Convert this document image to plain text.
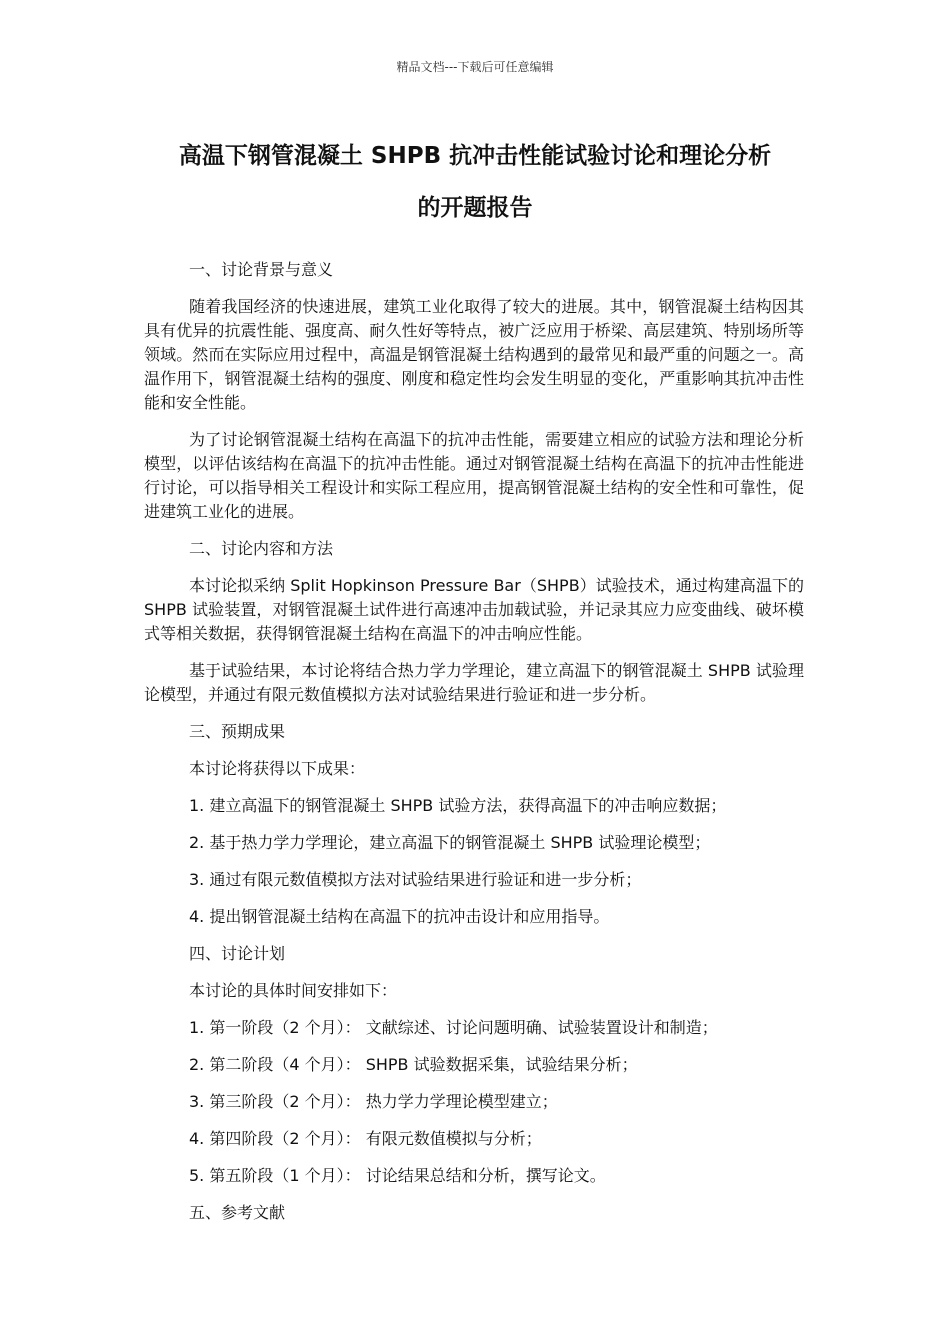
精品文档---下载后可任意编辑
高温下钢管混凝土 SHPB 抗冲击性能试验讨论和理论分析
的开题报告

一、讨论背景与意义

随着我国经济的快速进展，建筑工业化取得了较大的进展。其中，钢管混凝土结构因其具有优异的抗震性能、强度高、耐久性好等特点，被广泛应用于桥梁、高层建筑、特别场所等领域。然而在实际应用过程中，高温是钢管混凝土结构遇到的最常见和最严重的问题之一。高温作用下，钢管混凝土结构的强度、刚度和稳定性均会发生明显的变化，严重影响其抗冲击性能和安全性能。

为了讨论钢管混凝土结构在高温下的抗冲击性能，需要建立相应的试验方法和理论分析模型，以评估该结构在高温下的抗冲击性能。通过对钢管混凝土结构在高温下的抗冲击性能进行讨论，可以指导相关工程设计和实际工程应用，提高钢管混凝土结构的安全性和可靠性，促进建筑工业化的进展。

二、讨论内容和方法

本讨论拟采纳 Split Hopkinson Pressure Bar（SHPB）试验技术，通过构建高温下的 SHPB 试验装置，对钢管混凝土试件进行高速冲击加载试验，并记录其应力应变曲线、破坏模式等相关数据，获得钢管混凝土结构在高温下的冲击响应性能。

基于试验结果，本讨论将结合热力学力学理论，建立高温下的钢管混凝土 SHPB 试验理论模型，并通过有限元数值模拟方法对试验结果进行验证和进一步分析。

三、预期成果

本讨论将获得以下成果：

1. 建立高温下的钢管混凝土 SHPB 试验方法，获得高温下的冲击响应数据；

2. 基于热力学力学理论，建立高温下的钢管混凝土 SHPB 试验理论模型；

3. 通过有限元数值模拟方法对试验结果进行验证和进一步分析；

4. 提出钢管混凝土结构在高温下的抗冲击设计和应用指导。

四、讨论计划

本讨论的具体时间安排如下：

1. 第一阶段（2 个月）： 文献综述、讨论问题明确、试验装置设计和制造；

2. 第二阶段（4 个月）： SHPB 试验数据采集，试验结果分析；

3. 第三阶段（2 个月）： 热力学力学理论模型建立；

4. 第四阶段（2 个月）： 有限元数值模拟与分析；

5. 第五阶段（1 个月）： 讨论结果总结和分析，撰写论文。

五、参考文献
